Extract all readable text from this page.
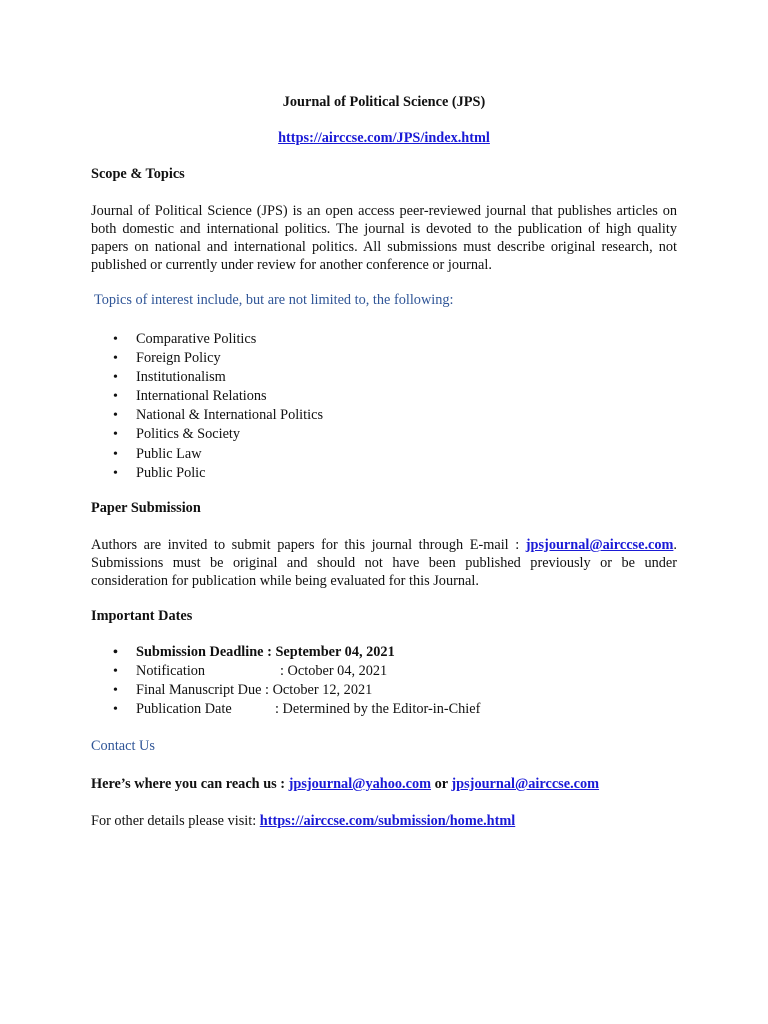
Journal of Political Science (JPS)
https://airccse.com/JPS/index.html
Scope & Topics
Journal of Political Science (JPS) is an open access peer-reviewed journal that publishes articles on both domestic and international politics. The journal is devoted to the publication of high quality papers on national and international politics. All submissions must describe original research, not published or currently under review for another conference or journal.
Topics of interest include, but are not limited to, the following:
• Comparative Politics
• Foreign Policy
• Institutionalism
• International Relations
• National & International Politics
• Politics & Society
• Public Law
• Public Polic
Paper Submission
Authors are invited to submit papers for this journal through E-mail : jpsjournal@airccse.com. Submissions must be original and should not have been published previously or be under consideration for publication while being evaluated for this Journal.
Important Dates
• Submission Deadline : September 04, 2021
• Notification	: October 04, 2021
• Final Manuscript Due : October 12, 2021
• Publication Date	: Determined by the Editor-in-Chief
Contact Us
Here’s where you can reach us : jpsjournal@yahoo.com or jpsjournal@airccse.com
For other details please visit: https://airccse.com/submission/home.html
